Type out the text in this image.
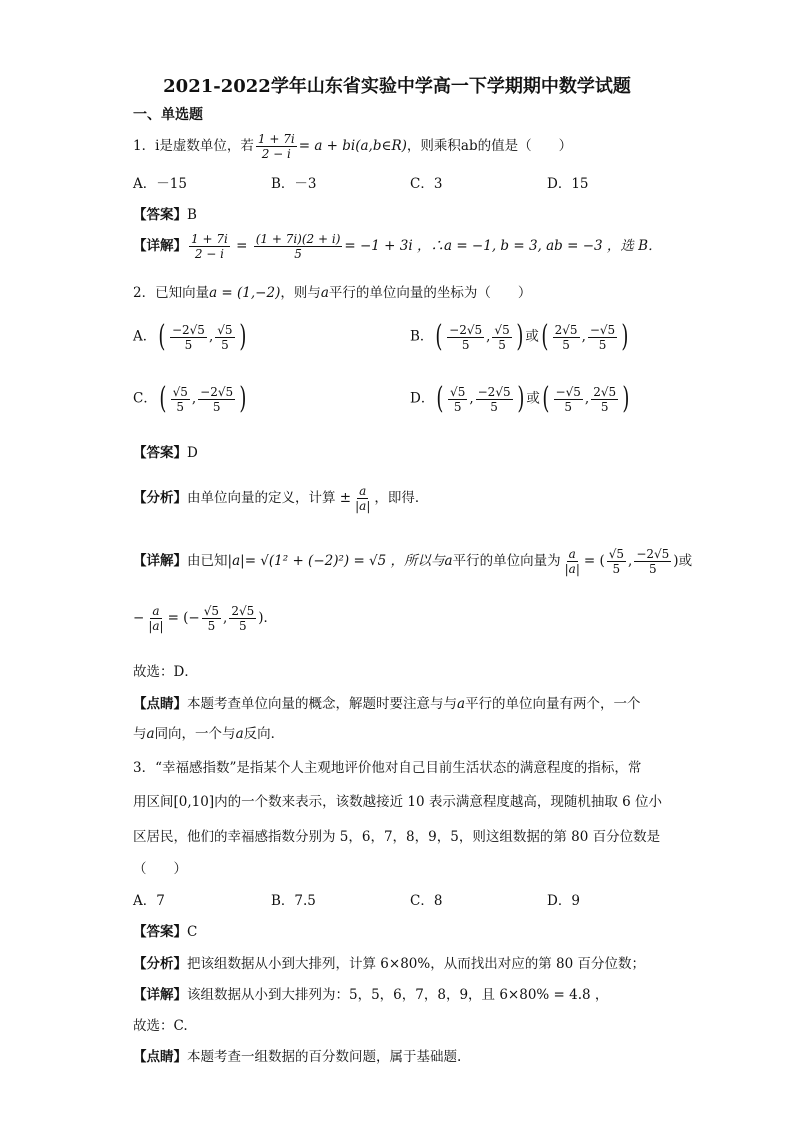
2021-2022学年山东省实验中学高一下学期期中数学试题
一、单选题
1．i是虚数单位，若 $\frac{1 + 7i}{2 - i} = a$ + bi(a,b∈R)，则乘积ab的值是（　　）
A．－15	B．－3	C．3	D．15
【答案】B
【详解】 $\frac{1 + 7i}{2 - i} = \frac{(1 + 7i)(2 + i)}{5} = -1 + 3i$ ，∴a = −1, b = 3, ab = −3 ，选 B．
2．已知向量a = (1,−2)，则与a平行的单位向量的坐标为（　　）
A．( $\frac{-2√5}{5}$ , $\frac{√5}{5}$ )	B．( $\frac{-2√5}{5}$ , $\frac{√5}{5}$ ) 或( $\frac{2√5}{5}$ , $\frac{-√5}{5}$ )
C．( $\frac{√5}{5}$ , $\frac{-2√5}{5}$ )	D．( $\frac{√5}{5}$ , $\frac{-2√5}{5}$ ) 或( $\frac{-√5}{5}$ , $\frac{2√5}{5}$ )
【答案】D
【分析】由单位向量的定义，计算 ± $\frac{a}{|a|}$ ，即得．
【详解】由已知|a|= √(1² + (−2)²) = √5 ，所以与a平行的单位向量为 $\frac{a}{|a|}$ = ( $\frac{√5}{5}$ , $\frac{-2√5}{5}$ )或
− $\frac{a}{|a|}$ = (− $\frac{√5}{5}$ , $\frac{2√5}{5}$ )．
故选：D．
【点睛】本题考查单位向量的概念，解题时要注意与与a平行的单位向量有两个，一个
与a同向，一个与a反向．
3．“幸福感指数”是指某个人主观地评价他对自己目前生活状态的满意程度的指标，常
用区间[0,10]内的一个数来表示，该数越接近 10 表示满意程度越高，现随机抽取 6 位小
区居民，他们的幸福感指数分别为 5，6，7，8，9，5，则这组数据的第 80 百分位数是
（　　）
A．7	B．7.5	C．8	D．9
【答案】C
【分析】把该组数据从小到大排列，计算 6×80%，从而找出对应的第 80 百分位数；
【详解】该组数据从小到大排列为：5，5，6，7，8，9，且 6×80% = 4.8 ，
故选：C.
【点睛】本题考查一组数据的百分数问题，属于基础题.
